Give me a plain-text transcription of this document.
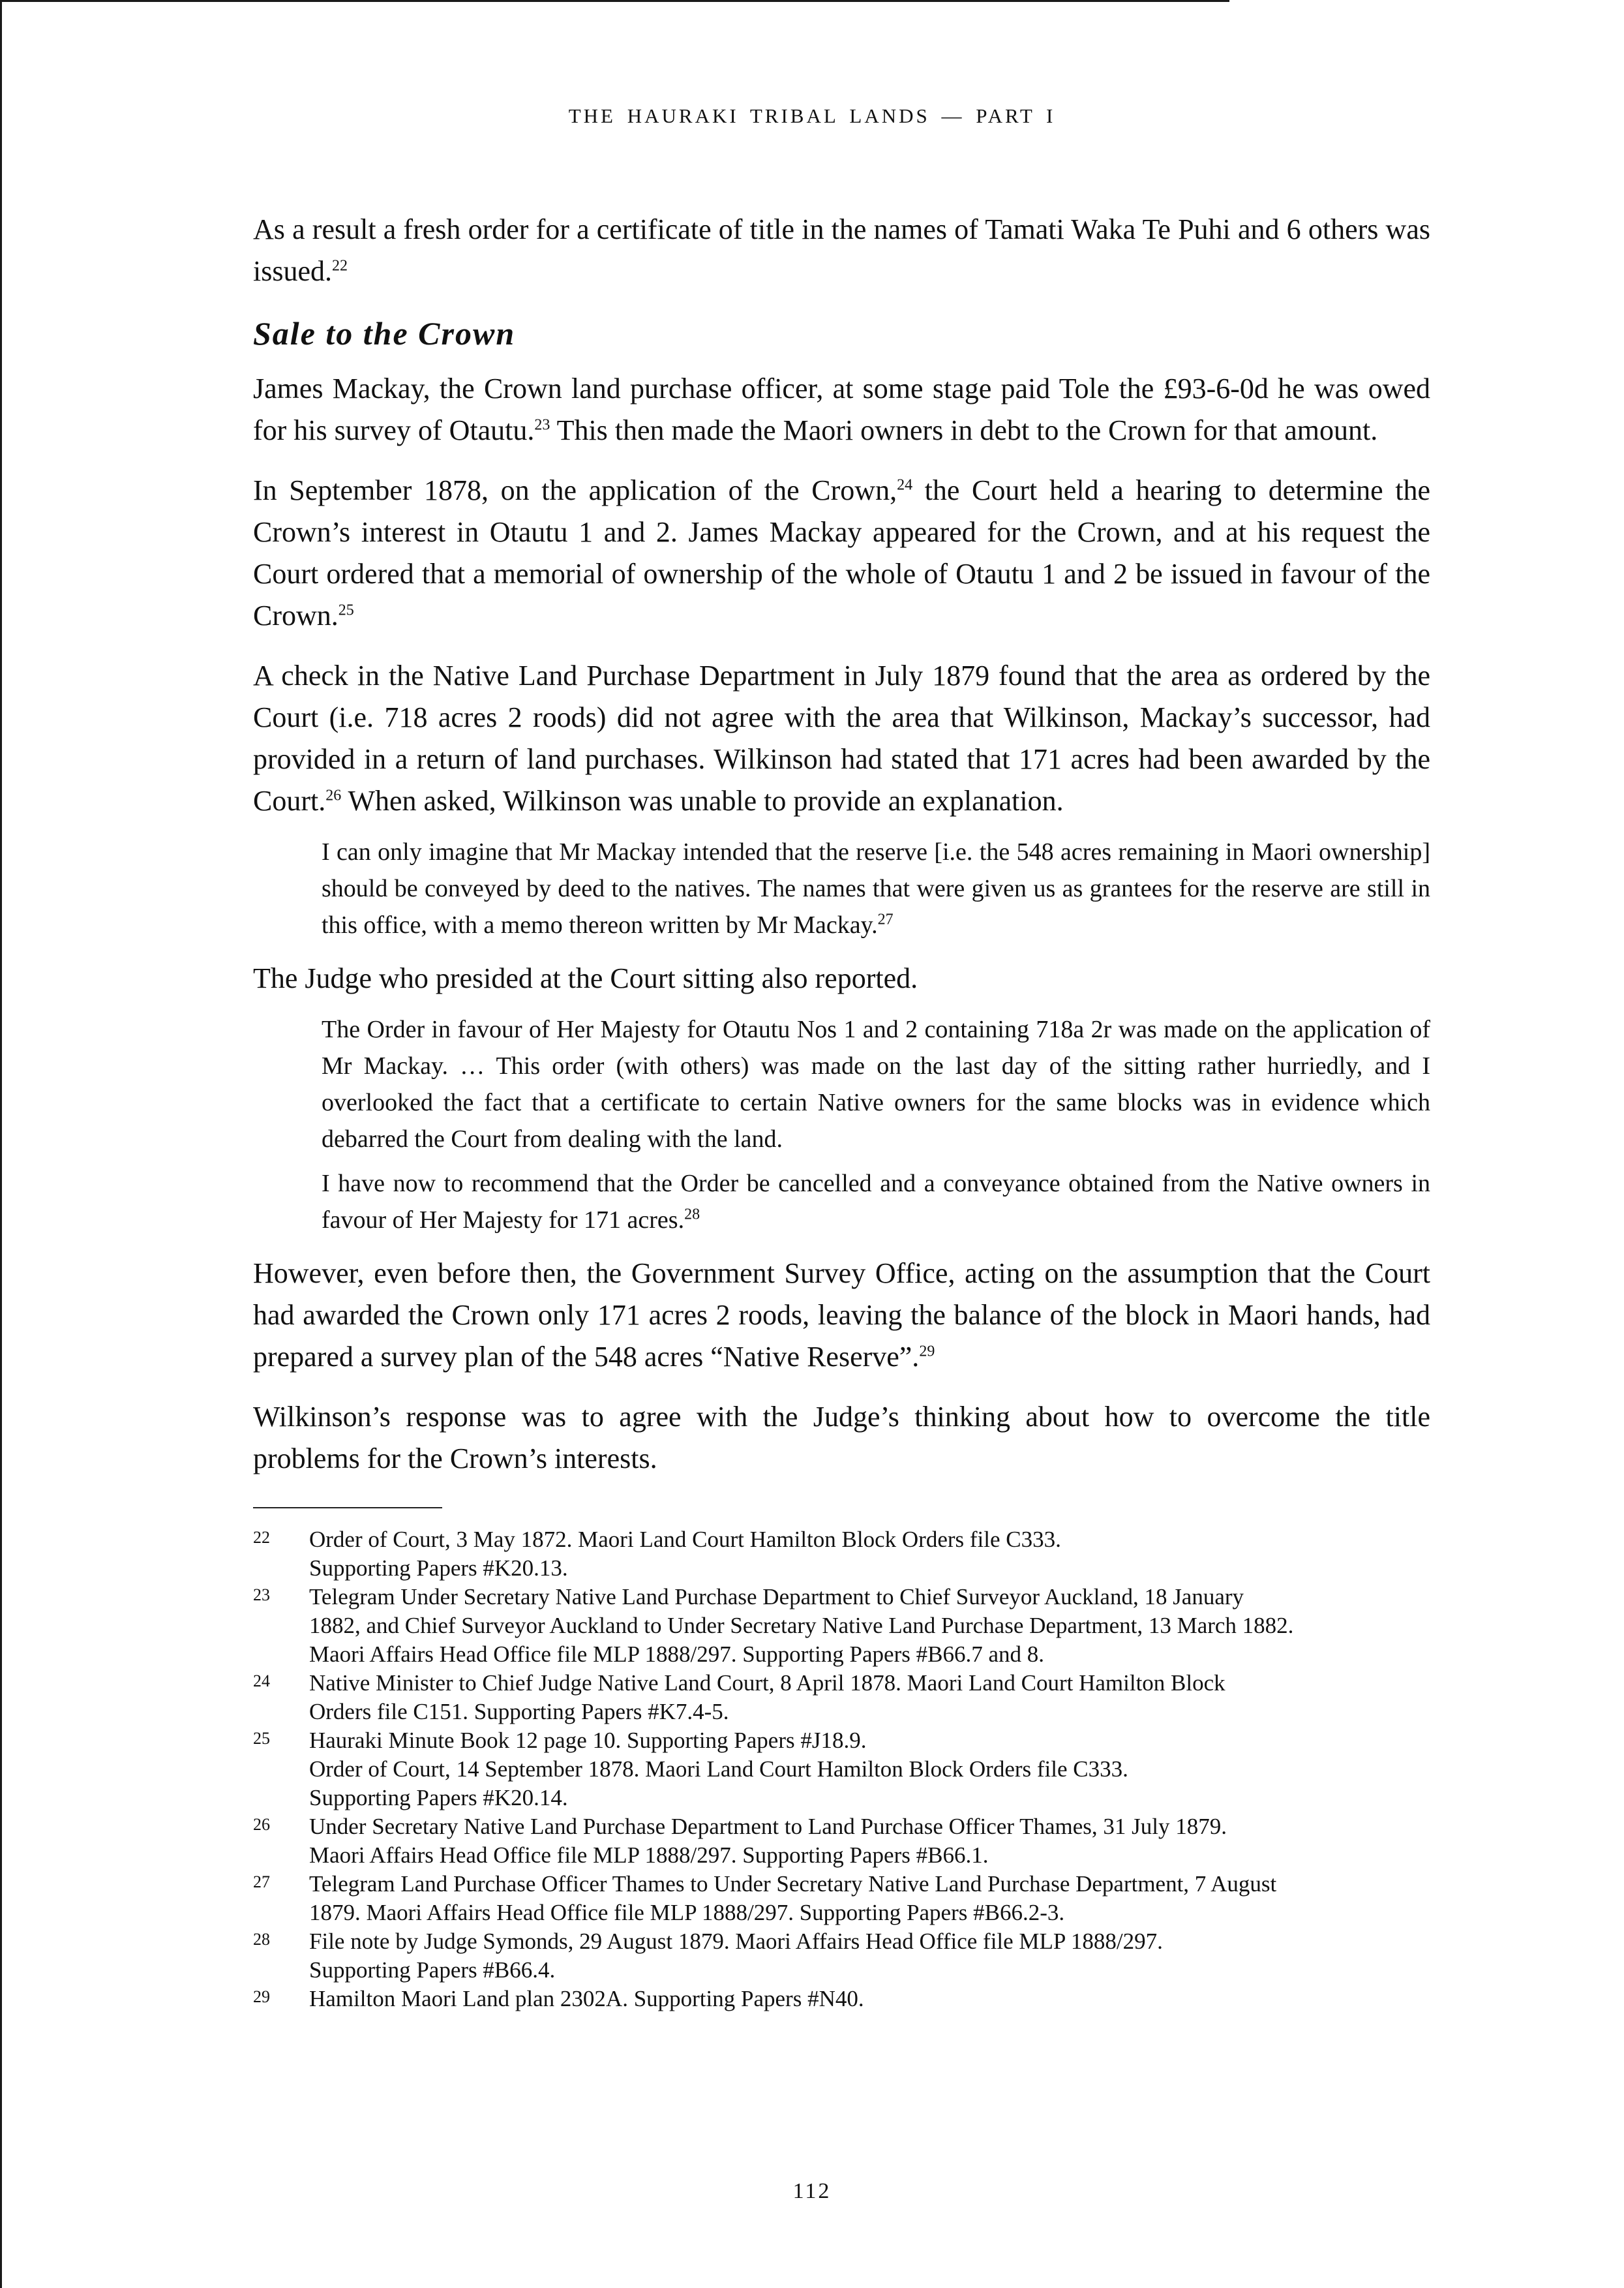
THE HAURAKI TRIBAL LANDS — PART I

As a result a fresh order for a certificate of title in the names of Tamati Waka Te Puhi and 6 others was issued.$^{22}$

Sale to the Crown

James Mackay, the Crown land purchase officer, at some stage paid Tole the £93-6-0d he was owed for his survey of Otautu.$^{23}$ This then made the Maori owners in debt to the Crown for that amount.

In September 1878, on the application of the Crown,$^{24}$ the Court held a hearing to determine the Crown’s interest in Otautu 1 and 2. James Mackay appeared for the Crown, and at his request the Court ordered that a memorial of ownership of the whole of Otautu 1 and 2 be issued in favour of the Crown.$^{25}$

A check in the Native Land Purchase Department in July 1879 found that the area as ordered by the Court (i.e. 718 acres 2 roods) did not agree with the area that Wilkinson, Mackay’s successor, had provided in a return of land purchases. Wilkinson had stated that 171 acres had been awarded by the Court.$^{26}$ When asked, Wilkinson was unable to provide an explanation.

I can only imagine that Mr Mackay intended that the reserve [i.e. the 548 acres remaining in Maori ownership] should be conveyed by deed to the natives. The names that were given us as grantees for the reserve are still in this office, with a memo thereon written by Mr Mackay.$^{27}$

The Judge who presided at the Court sitting also reported.

The Order in favour of Her Majesty for Otautu Nos 1 and 2 containing 718a 2r was made on the application of Mr Mackay. … This order (with others) was made on the last day of the sitting rather hurriedly, and I overlooked the fact that a certificate to certain Native owners for the same blocks was in evidence which debarred the Court from dealing with the land.

I have now to recommend that the Order be cancelled and a conveyance obtained from the Native owners in favour of Her Majesty for 171 acres.$^{28}$

However, even before then, the Government Survey Office, acting on the assumption that the Court had awarded the Crown only 171 acres 2 roods, leaving the balance of the block in Maori hands, had prepared a survey plan of the 548 acres “Native Reserve”.$^{29}$

Wilkinson’s response was to agree with the Judge’s thinking about how to overcome the title problems for the Crown’s interests.

22	Order of Court, 3 May 1872. Maori Land Court Hamilton Block Orders file C333.
Supporting Papers #K20.13.
23	Telegram Under Secretary Native Land Purchase Department to Chief Surveyor Auckland, 18 January
1882, and Chief Surveyor Auckland to Under Secretary Native Land Purchase Department, 13 March 1882.
Maori Affairs Head Office file MLP 1888/297. Supporting Papers #B66.7 and 8.
24	Native Minister to Chief Judge Native Land Court, 8 April 1878. Maori Land Court Hamilton Block
Orders file C151. Supporting Papers #K7.4-5.
25	Hauraki Minute Book 12 page 10. Supporting Papers #J18.9.
Order of Court, 14 September 1878. Maori Land Court Hamilton Block Orders file C333.
Supporting Papers #K20.14.
26	Under Secretary Native Land Purchase Department to Land Purchase Officer Thames, 31 July 1879.
Maori Affairs Head Office file MLP 1888/297. Supporting Papers #B66.1.
27	Telegram Land Purchase Officer Thames to Under Secretary Native Land Purchase Department, 7 August
1879. Maori Affairs Head Office file MLP 1888/297. Supporting Papers #B66.2-3.
28	File note by Judge Symonds, 29 August 1879. Maori Affairs Head Office file MLP 1888/297.
Supporting Papers #B66.4.
29	Hamilton Maori Land plan 2302A. Supporting Papers #N40.
112
